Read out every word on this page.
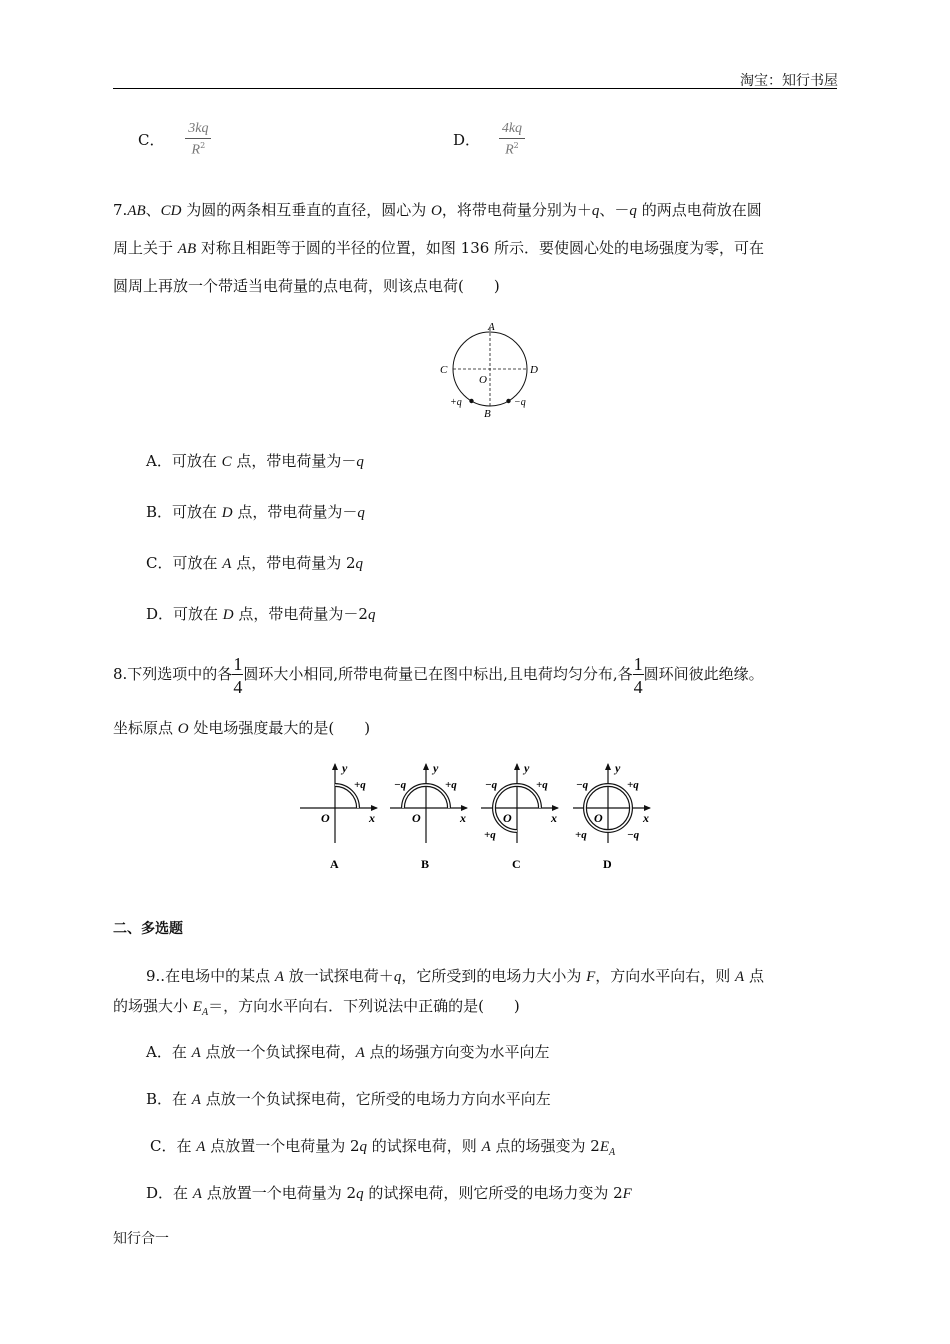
淘宝：知行书屋
C． $\frac{3kq}{R^2}$	D． $\frac{4kq}{R^2}$
7.AB、CD 为圆的两条相互垂直的直径，圆心为 O，将带电荷量分别为＋q、－q 的两点电荷放在圆
周上关于 AB 对称且相距等于圆的半径的位置，如图 136 所示．要使圆心处的电场强度为零，可在
圆周上再放一个带适当电荷量的点电荷，则该点电荷(　　)
A
B
C	D
O
+q	−q
A．可放在 C 点，带电荷量为－q
B．可放在 D 点，带电荷量为－q
C．可放在 A 点，带电荷量为 2q
D．可放在 D 点，带电荷量为－2q
8.下列选项中的各 $\frac{1}{4}$ 圆环大小相同,所带电荷量已在图中标出,且电荷均匀分布,各 $\frac{1}{4}$ 圆环间彼此绝缘。
坐标原点 O 处电场强度最大的是(　　)
y
x
O
+q
A
y
x
O
−q	+q
B
y
x
O
−q	+q
+q
C
y
x
O
−q	+q
+q	−q
D
二、多选题
9..在电场中的某点 A 放一试探电荷＋q，它所受到的电场力大小为 F，方向水平向右，则 A 点
的场强大小 $E_A=$，方向水平向右．下列说法中正确的是(　　)
A．在 A 点放一个负试探电荷，A 点的场强方向变为水平向左
B．在 A 点放一个负试探电荷，它所受的电场力方向水平向左
C．在 A 点放置一个电荷量为 2q 的试探电荷，则 A 点的场强变为 $2E_A$
D．在 A 点放置一个电荷量为 2q 的试探电荷，则它所受的电场力变为 2F
知行合一
